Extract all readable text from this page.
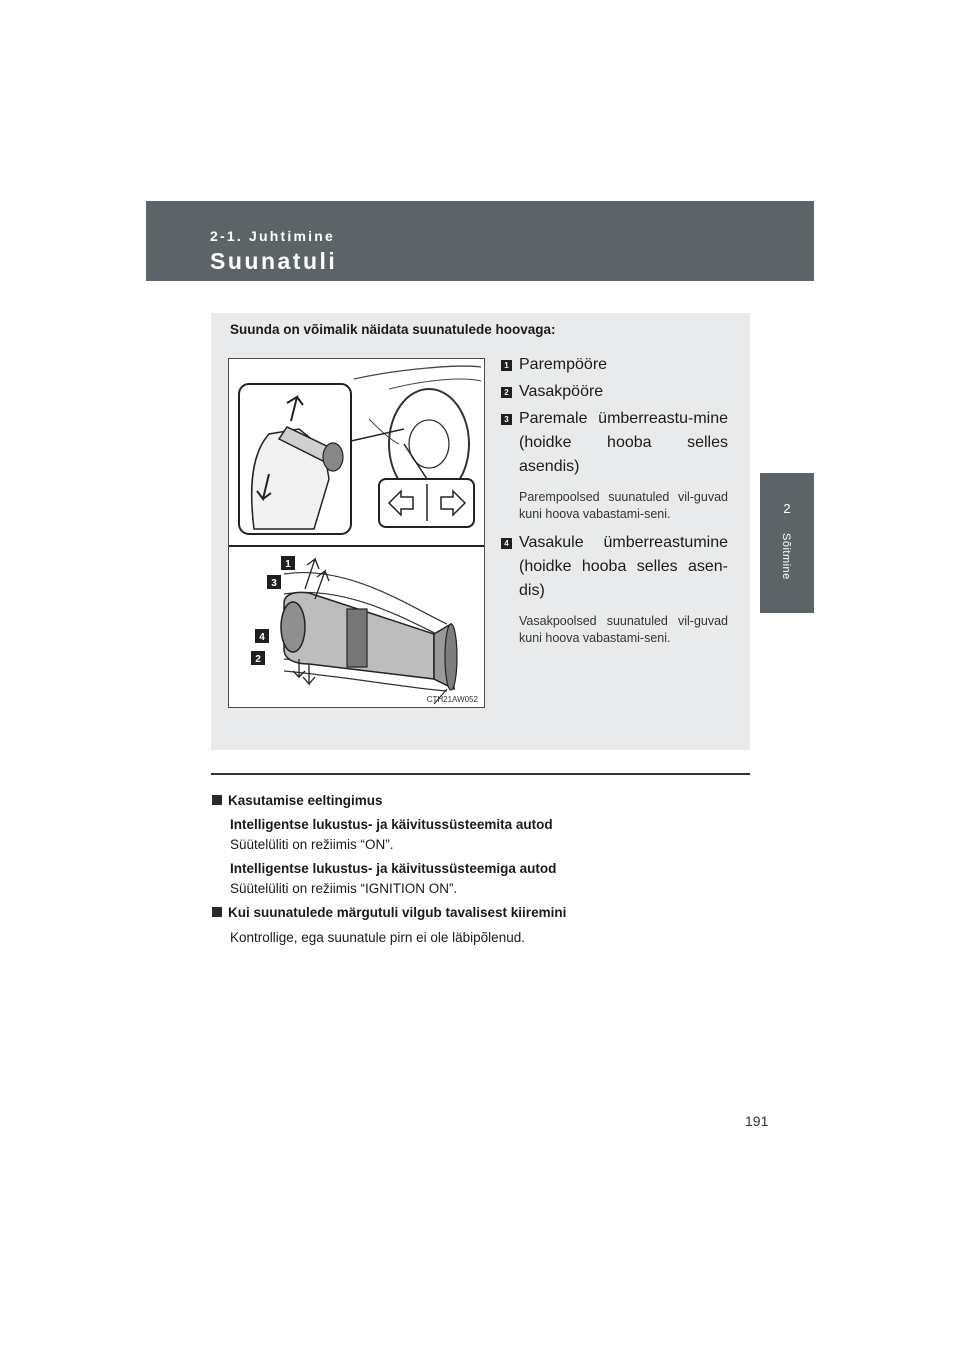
2-1. Juhtimine
Suunatuli
2
Sõitmine
Suunda on võimalik näidata suunatulede hoovaga:
1
3
4
2
CTH21AW052
1 Parempööre
2 Vasakpööre
3 Paremale ümberreastu-mine (hoidke hooba selles asendis)
Parempoolsed suunatuled vil-guvad kuni hoova vabastami-seni.
4 Vasakule ümberreastumine (hoidke hooba selles asen-dis)
Vasakpoolsed suunatuled vil-guvad kuni hoova vabastami-seni.
Kasutamise eeltingimus
Intelligentse lukustus- ja käivitussüsteemita autod
Süütelüliti on režiimis “ON”.
Intelligentse lukustus- ja käivitussüsteemiga autod
Süütelüliti on režiimis “IGNITION ON”.
Kui suunatulede märgutuli vilgub tavalisest kiiremini
Kontrollige, ega suunatule pirn ei ole läbipõlenud.
191
